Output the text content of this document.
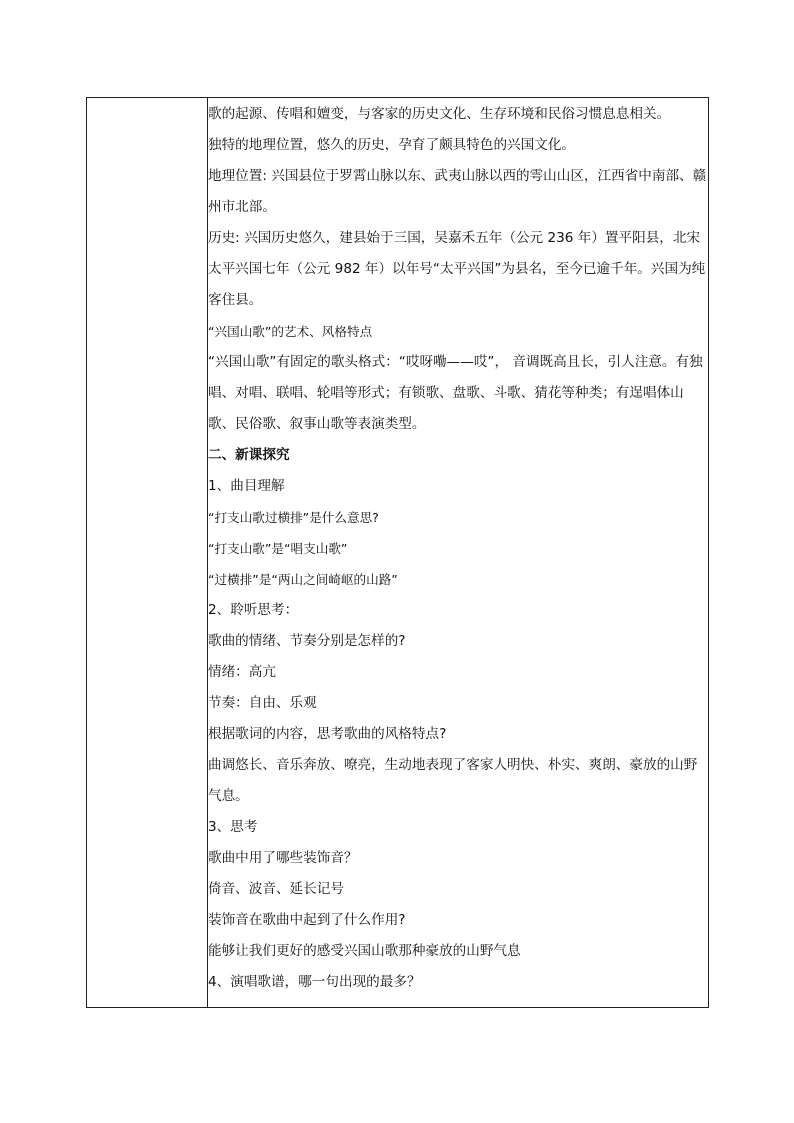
歌的起源、传唱和嬗变，与客家的历史文化、生存环境和民俗习惯息息相关。

独特的地理位置，悠久的历史，孕育了颇具特色的兴国文化。

地理位置: 兴国县位于罗霄山脉以东、武夷山脉以西的雩山山区，江西省中南部、赣州市北部。

历史: 兴国历史悠久，建县始于三国，吴嘉禾五年（公元 236 年）置平阳县，北宋太平兴国七年（公元 982 年）以年号“太平兴国”为县名，至今已逾千年。兴国为纯客住县。

“兴国山歌”的艺术、风格特点

“兴国山歌”有固定的歌头格式：“哎呀嘞——哎”， 音调既高且长，引人注意。有独唱、对唱、联唱、轮唱等形式；有锁歌、盘歌、斗歌、猜花等种类；有逞唱体山歌、民俗歌、叙事山歌等表演类型。

二、新课探究

1、曲目理解

“打支山歌过横排”是什么意思?

“打支山歌”是“唱支山歌”

“过横排”是“两山之间崎岖的山路”

2、聆听思考：

歌曲的情绪、节奏分别是怎样的?

情绪：高亢

节奏：自由、乐观

根据歌词的内容，思考歌曲的风格特点?

曲调悠长、音乐奔放、嘹亮，生动地表现了客家人明快、朴实、爽朗、豪放的山野气息。

3、思考

歌曲中用了哪些装饰音？

倚音、波音、延长记号

装饰音在歌曲中起到了什么作用?

能够让我们更好的感受兴国山歌那种豪放的山野气息

4、演唱歌谱，哪一句出现的最多？
